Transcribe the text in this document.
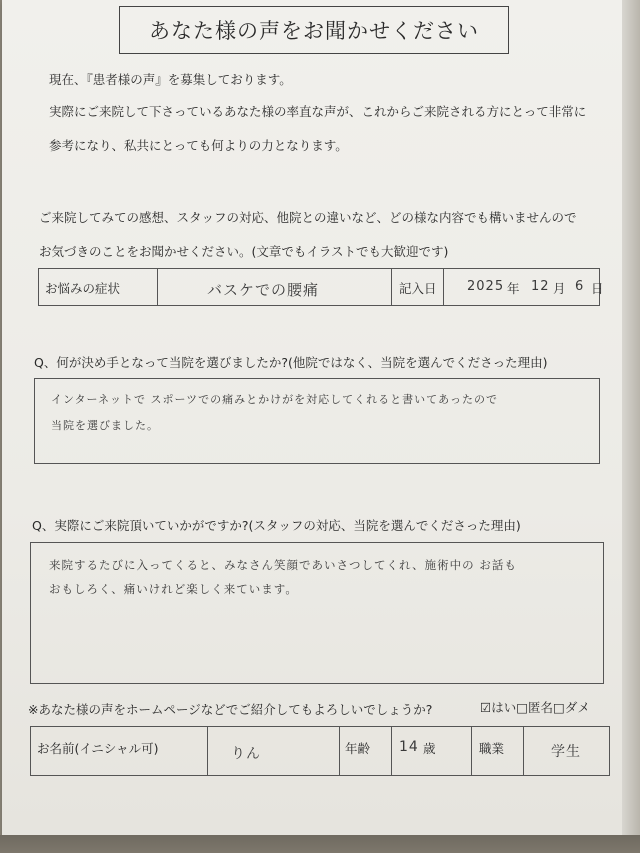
あなた様の声をお聞かせください
現在、『患者様の声』を募集しております。
実際にご来院して下さっているあなた様の率直な声が、これからご来院される方にとって非常に
参考になり、私共にとっても何よりの力となります。
ご来院してみての感想、スタッフの対応、他院との違いなど、どの様な内容でも構いませんので
お気づきのことをお聞かせください。(文章でもイラストでも大歓迎です)
お悩みの症状	バスケでの腰痛	記入日 2025 年 12 月 6 日
Q、何が決め手となって当院を選びましたか?(他院ではなく、当院を選んでくださった理由)
インターネットで スポーツでの痛みとかけがを対応してくれると書いてあったので
当院を選びました。
Q、実際にご来院頂いていかがですか?(スタッフの対応、当院を選んでくださった理由)
来院するたびに入ってくると、みなさん笑顔であいさつしてくれ、施術中の お話も
おもしろく、痛いけれど楽しく来ています。
※あなた様の声をホームページなどでご紹介してもよろしいでしょうか?	☑はい□匿名□ダメ
お名前(イニシャル可)	りん	年齢 14 歳	職業	学生
